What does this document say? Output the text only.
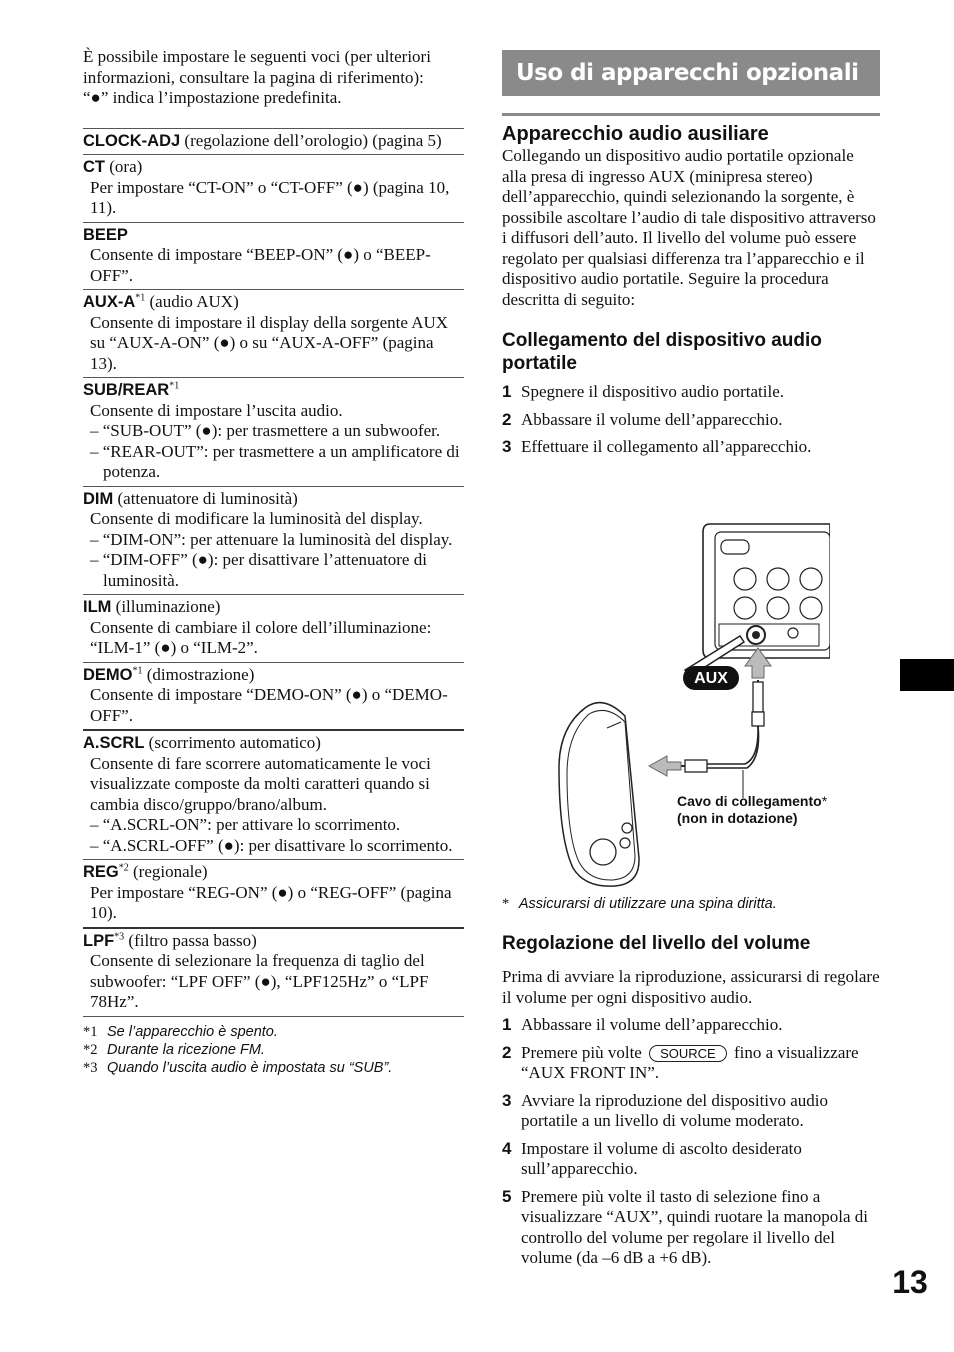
È possibile impostare le seguenti voci (per ulteriori informazioni, consultare la pagina di riferimento):

“●” indica l’impostazione predefinita.

CLOCK-ADJ (regolazione dell’orologio) (pagina 5)
CT (ora)
Per impostare “CT-ON” o “CT-OFF” (●) (pagina 10, 11).
BEEP
Consente di impostare “BEEP-ON” (●) o “BEEP-OFF”.
AUX-$A^{*1}$ (audio AUX)
Consente di impostare il display della sorgente AUX su “AUX-A-ON” (●) o su “AUX-A-OFF” (pagina 13).
SUB/REAR$^{*1}$
Consente di impostare l’uscita audio.
– “SUB-OUT” (●): per trasmettere a un subwoofer.
– “REAR-OUT”: per trasmettere a un amplificatore di potenza.
DIM (attenuatore di luminosità)
Consente di modificare la luminosità del display.
– “DIM-ON”: per attenuare la luminosità del display.
– “DIM-OFF” (●): per disattivare l’attenuatore di luminosità.
ILM (illuminazione)
Consente di cambiare il colore dell’illuminazione: “ILM-1” (●) o “ILM-2”.
DEMO$^{*1}$ (dimostrazione)
Consente di impostare “DEMO-ON” (●) o “DEMO-OFF”.
A.SCRL (scorrimento automatico)
Consente di fare scorrere automaticamente le voci visualizzate composte da molti caratteri quando si cambia disco/gruppo/brano/album.
– “A.SCRL-ON”: per attivare lo scorrimento.
– “A.SCRL-OFF” (●): per disattivare lo scorrimento.
REG$^{*2}$ (regionale)
Per impostare “REG-ON” (●) o “REG-OFF” (pagina 10).
LPF$^{*3}$ (filtro passa basso)
Consente di selezionare la frequenza di taglio del subwoofer: “LPF OFF” (●), “LPF125Hz” o “LPF 78Hz”.
*1 Se l’apparecchio è spento.
*2 Durante la ricezione FM.
*3 Quando l’uscita audio è impostata su “SUB”.
Uso di apparecchi opzionali
Apparecchio audio ausiliare

Collegando un dispositivo audio portatile opzionale alla presa di ingresso AUX (minipresa stereo) dell’apparecchio, quindi selezionando la sorgente, è possibile ascoltare l’audio di tale dispositivo attraverso i diffusori dell’auto. Il livello del volume può essere regolato per qualsiasi differenza tra l’apparecchio e il dispositivo audio portatile. Seguire la procedura descritta di seguito:

Collegamento del dispositivo audio portatile
1 Spegnere il dispositivo audio portatile.
2 Abbassare il volume dell’apparecchio.
3 Effettuare il collegamento all’apparecchio.
AUX
Cavo di collegamento*
(non in dotazione)
* Assicurarsi di utilizzare una spina diritta.
Regolazione del livello del volume

Prima di avviare la riproduzione, assicurarsi di regolare il volume per ogni dispositivo audio.

1 Abbassare il volume dell’apparecchio.
2 Premere più volte SOURCE fino a visualizzare “AUX FRONT IN”.
3 Avviare la riproduzione del dispositivo audio portatile a un livello di volume moderato.
4 Impostare il volume di ascolto desiderato sull’apparecchio.
5 Premere più volte il tasto di selezione fino a visualizzare “AUX”, quindi ruotare la manopola di controllo del volume per regolare il livello del volume (da –6 dB a +6 dB).
13
